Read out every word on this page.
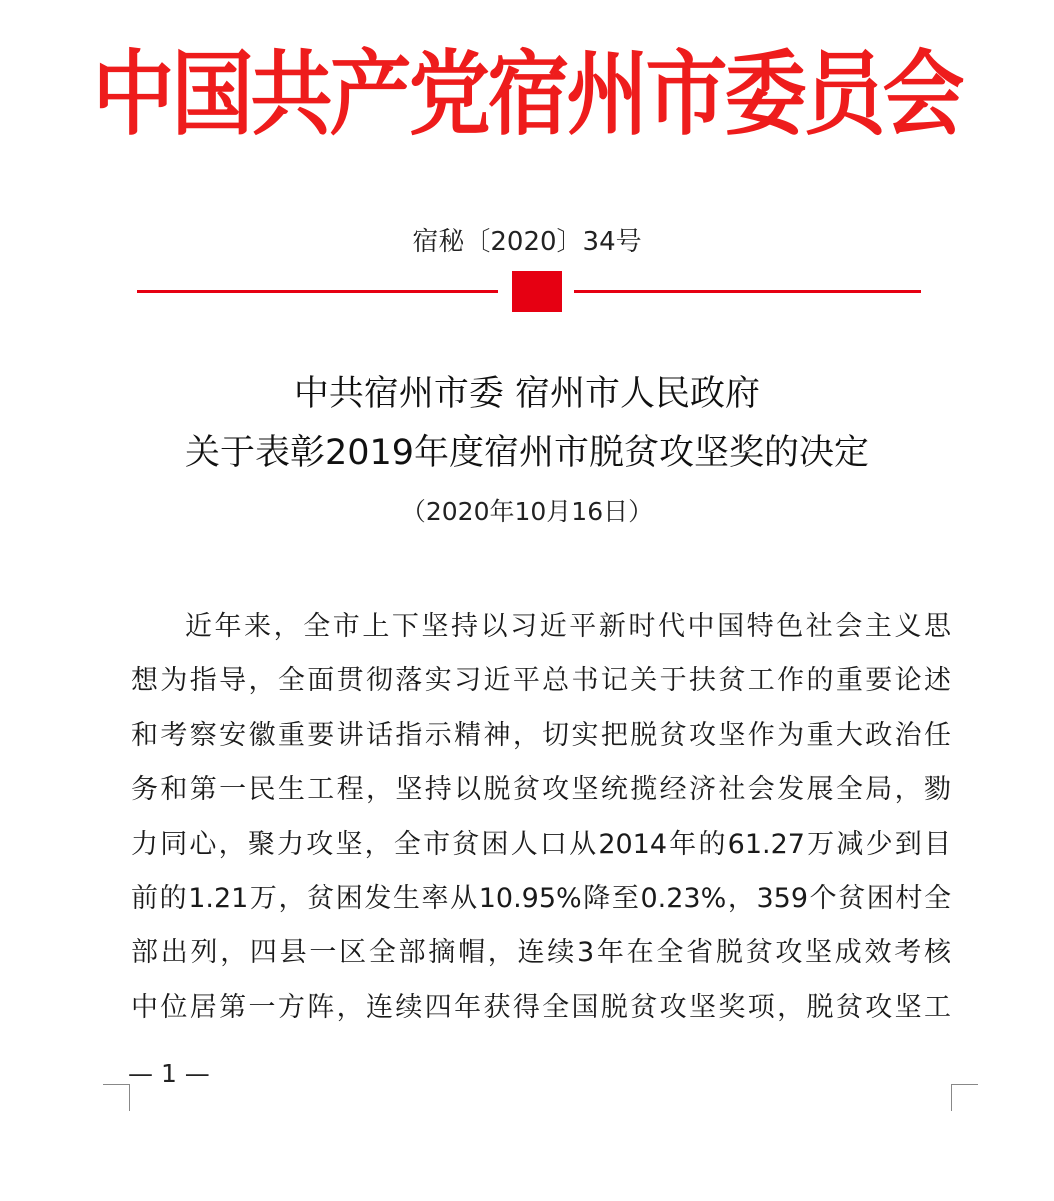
中国共产党宿州市委员会
宿秘〔2020〕34号
中共宿州市委 宿州市人民政府
关于表彰2019年度宿州市脱贫攻坚奖的决定
（2020年10月16日）
近年来，全市上下坚持以习近平新时代中国特色社会主义思
想为指导，全面贯彻落实习近平总书记关于扶贫工作的重要论述
和考察安徽重要讲话指示精神，切实把脱贫攻坚作为重大政治任
务和第一民生工程，坚持以脱贫攻坚统揽经济社会发展全局，勠
力同心，聚力攻坚，全市贫困人口从2014年的61.27万减少到目
前的1.21万，贫困发生率从10.95%降至0.23%，359个贫困村全
部出列，四县一区全部摘帽，连续3年在全省脱贫攻坚成效考核
中位居第一方阵，连续四年获得全国脱贫攻坚奖项，脱贫攻坚工
— 1 —
